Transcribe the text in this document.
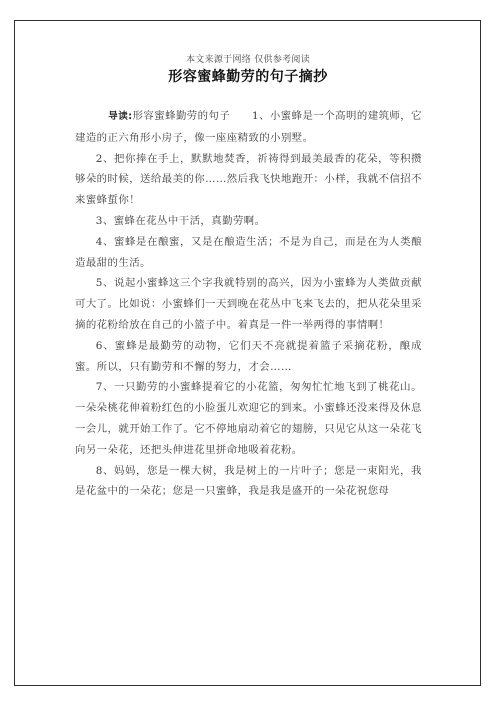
本文来源于网络 仅供参考阅读
形容蜜蜂勤劳的句子摘抄

导读:形容蜜蜂勤劳的句子　　1、小蜜蜂是一个高明的建筑师，它建造的正六角形小房子，像一座座精致的小别墅。

2、把你捧在手上，默默地焚香，祈祷得到最美最香的花朵，等积攒够朵的时候，送给最美的你……然后我飞快地跑开：小样，我就不信招不来蜜蜂蜇你！

3、蜜蜂在花丛中干活，真勤劳啊。

4、蜜蜂是在酿蜜，又是在酿造生活；不是为自己，而是在为人类酿造最甜的生活。

5、说起小蜜蜂这三个字我就特别的高兴，因为小蜜蜂为人类做贡献可大了。比如说：小蜜蜂们一天到晚在花丛中飞来飞去的，把从花朵里采摘的花粉给放在自己的小篮子中。着真是一件一举两得的事情啊！

6、蜜蜂是最勤劳的动物，它们天不亮就提着篮子采摘花粉，酿成蜜。所以，只有勤劳和不懈的努力，才会……

7、一只勤劳的小蜜蜂提着它的小花篮，匆匆忙忙地飞到了桃花山。一朵朵桃花伸着粉红色的小脸蛋儿欢迎它的到来。小蜜蜂还没来得及休息一会儿，就开始工作了。它不停地扇动着它的翅膀，只见它从这一朵花飞向另一朵花，还把头伸进花里拼命地吸着花粉。

8、妈妈，您是一棵大树，我是树上的一片叶子；您是一束阳光，我是花盆中的一朵花；您是一只蜜蜂，我是我是盛开的一朵花祝您母
